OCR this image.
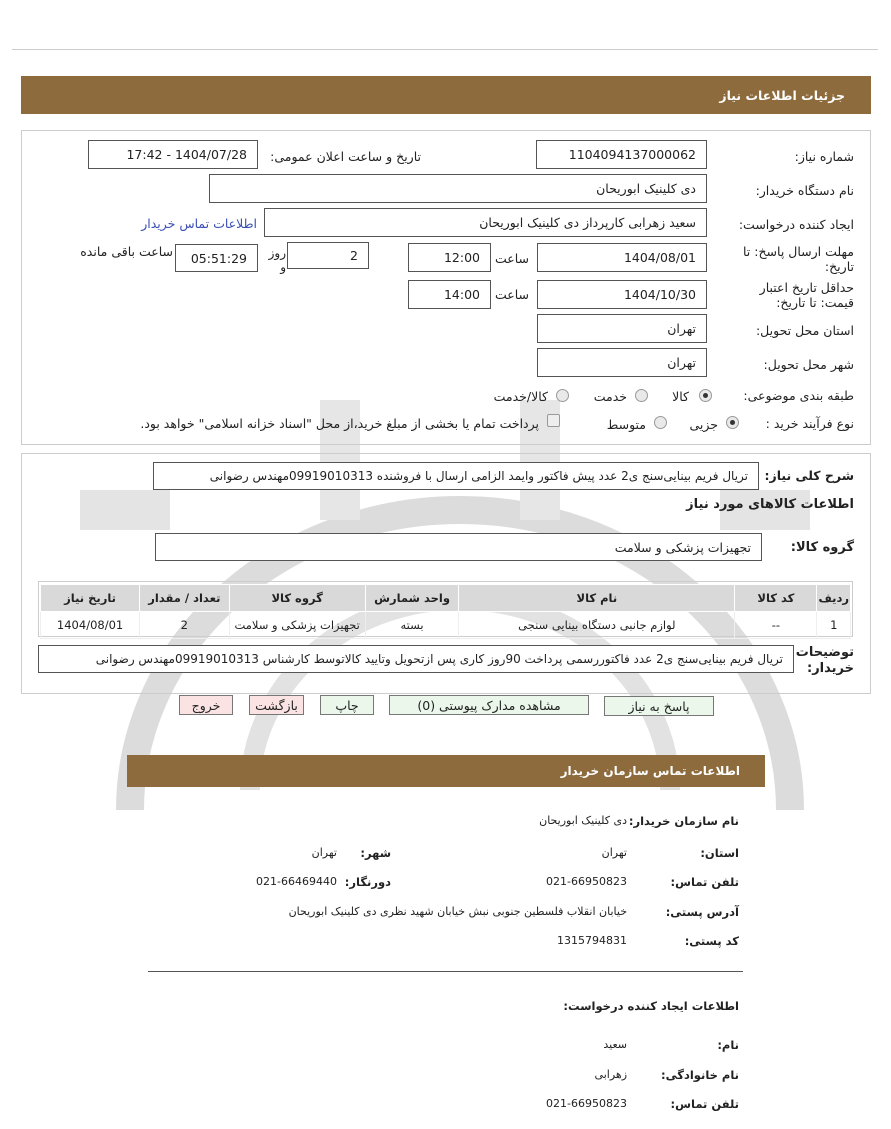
جزئيات اطلاعات نیاز
شماره نیاز:
1104094137000062
تاریخ و ساعت اعلان عمومی:
1404/07/28 - 17:42
نام دستگاه خریدار:
دی کلینیک ابوریحان
ایجاد کننده درخواست:
سعید زهرابی کارپرداز دی کلینیک ابوریحان
اطلاعات تماس خریدار
مهلت ارسال پاسخ: تا تاریخ:
1404/08/01
ساعت
12:00
2
روز و
05:51:29
ساعت باقی مانده
حداقل تاریخ اعتبار قیمت: تا تاریخ:
1404/10/30
ساعت
14:00
استان محل تحویل:
تهران
شهر محل تحویل:
تهران
طبقه بندی موضوعی:
کالا
خدمت
کالا/خدمت
نوع فرآیند خرید :
جزیی
متوسط
پرداخت تمام یا بخشی از مبلغ خرید،از محل "اسناد خزانه اسلامی" خواهد بود.
شرح کلی نیاز:
تریال فریم بینایی‌سنج ی2 عدد پیش فاکتور وایمد الزامی ارسال با فروشنده 09919010313مهندس رضوانی
اطلاعات کالاهای مورد نیاز
گروه کالا:
تجهیزات پزشکی و سلامت
ردیف	کد کالا	نام کالا	واحد شمارش	گروه کالا	تعداد / مقدار	تاریخ نیاز
1	--	لوازم جانبی دستگاه بینایی سنجی	بسته	تجهیزات پزشکی و سلامت	2	1404/08/01
توضیحات خریدار:
تریال فریم بینایی‌سنج ی2 عدد فاکتوررسمی پرداخت 90روز کاری پس ازتحویل وتایید کالاتوسط کارشناس 09919010313مهندس رضوانی
پاسخ به نیاز
مشاهده مدارک پیوستی (0)
چاپ
بازگشت
خروج
اطلاعات تماس سازمان خریدار
نام سازمان خریدار:
دی کلینیک ابوریحان
استان:
تهران
شهر:
تهران
تلفن تماس:
021-66950823
دورنگار:
021-66469440
آدرس پستی:
خیابان انقلاب فلسطین جنوبی نبش خیابان شهید نظری دی کلینیک ابوریحان
کد پستی:
1315794831
اطلاعات ایجاد کننده درخواست:
نام:
سعید
نام خانوادگی:
زهرابی
تلفن تماس:
021-66950823
